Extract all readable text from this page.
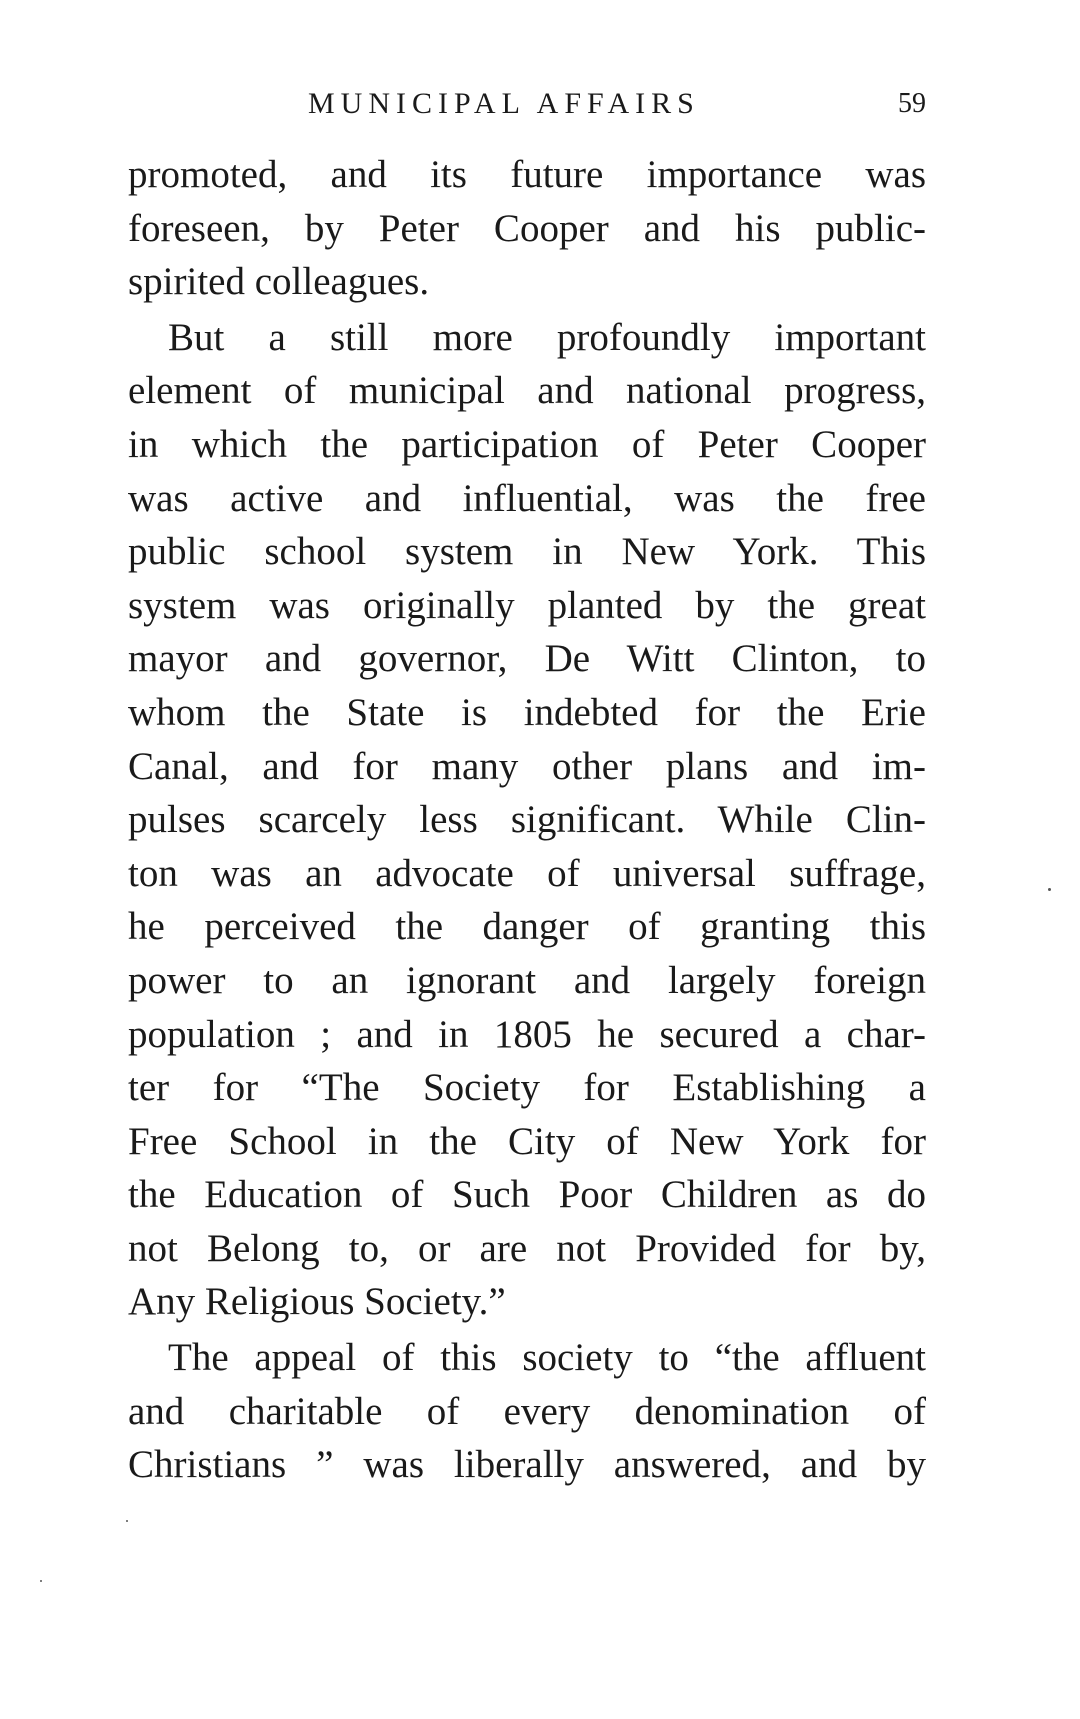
MUNICIPAL AFFAIRS	59
promoted, and its future importance was
foreseen, by Peter Cooper and his public-
spirited colleagues.
But a still more profoundly important
element of municipal and national progress,
in which the participation of Peter Cooper
was active and influential, was the free
public school system in New York. This
system was originally planted by the great
mayor and governor, De Witt Clinton, to
whom the State is indebted for the Erie
Canal, and for many other plans and im-
pulses scarcely less significant. While Clin-
ton was an advocate of universal suffrage,
he perceived the danger of granting this
power to an ignorant and largely foreign
population ; and in 1805 he secured a char-
ter for “The Society for Establishing a
Free School in the City of New York for
the Education of Such Poor Children as do
not Belong to, or are not Provided for by,
Any Religious Society.”
The appeal of this society to “the affluent
and charitable of every denomination of
Christians ” was liberally answered, and by
